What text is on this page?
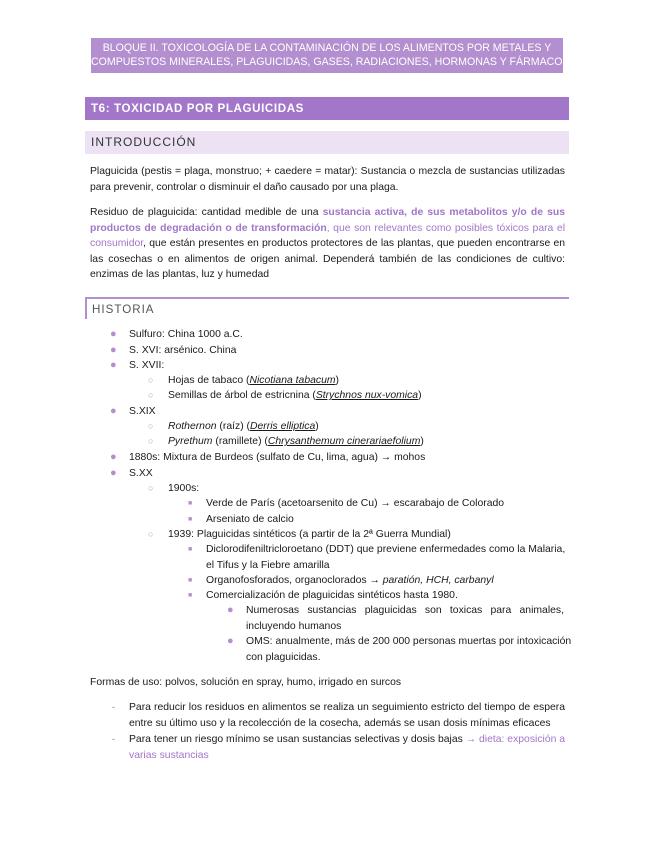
BLOQUE II. TOXICOLOGÍA DE LA CONTAMINACIÓN DE LOS ALIMENTOS POR METALES Y
COMPUESTOS MINERALES, PLAGUICIDAS, GASES, RADIACIONES, HORMONAS Y FÁRMACOS
T6: TOXICIDAD POR PLAGUICIDAS
INTRODUCCIÓN
Plaguicida (pestis = plaga, monstruo; + caedere = matar): Sustancia o mezcla de sustancias utilizadas
para prevenir, controlar o disminuir el daño causado por una plaga.
Residuo de plaguicida: cantidad medible de una sustancia activa, de sus metabolitos y/o de sus
productos de degradación o de transformación, que son relevantes como posibles tóxicos para el
consumidor, que están presentes en productos protectores de las plantas, que pueden encontrarse en
las cosechas o en alimentos de origen animal. Dependerá también de las condiciones de cultivo:
enzimas de las plantas, luz y humedad
HISTORIA
● Sulfuro: China 1000 a.C.
● S. XVI: arsénico. China
● S. XVII:
○ Hojas de tabaco (Nicotiana tabacum)
○ Semillas de árbol de estricnina (Strychnos nux-vomica)
● S.XIX
○ Rothernon (raíz) (Derris elliptica)
○ Pyrethum (ramillete) (Chrysanthemum cinerariaefolium)
● 1880s: Mixtura de Burdeos (sulfato de Cu, lima, agua) → mohos
● S.XX
○ 1900s:
■ Verde de París (acetoarsenito de Cu) → escarabajo de Colorado
■ Arseniato de calcio
○ 1939: Plaguicidas sintéticos (a partir de la 2ª Guerra Mundial)
■ Diclorodifeniltricloroetano (DDT) que previene enfermedades como la Malaria,
el Tifus y la Fiebre amarilla
■ Organofosforados, organoclorados → paratión, HCH, carbanyl
■ Comercialización de plaguicidas sintéticos hasta 1980.
● Numerosas sustancias plaguicidas son toxicas para animales,
incluyendo humanos
● OMS: anualmente, más de 200 000 personas muertas por intoxicación
con plaguicidas.
Formas de uso: polvos, solución en spray, humo, irrigado en surcos
- Para reducir los residuos en alimentos se realiza un seguimiento estricto del tiempo de espera
entre su último uso y la recolección de la cosecha, además se usan dosis mínimas eficaces
- Para tener un riesgo mínimo se usan sustancias selectivas y dosis bajas → dieta: exposición a
varias sustancias
